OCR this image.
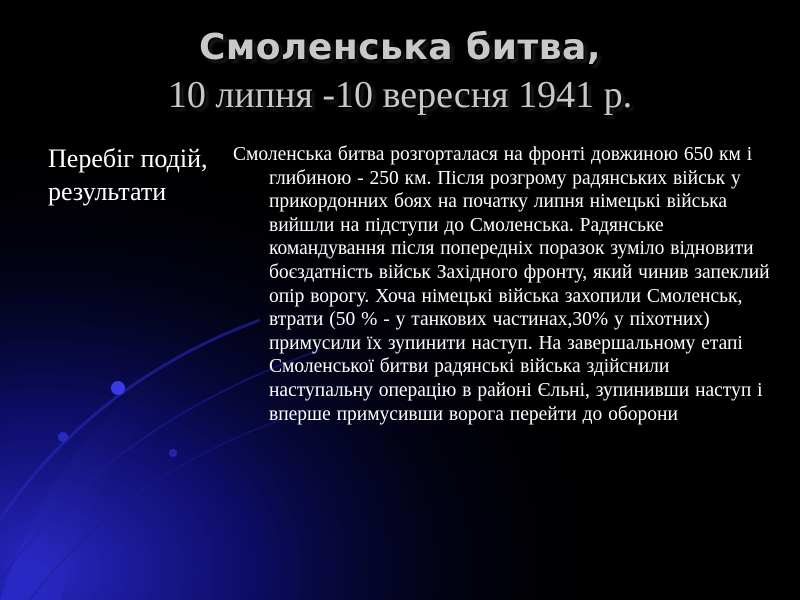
Смоленська битва,
10 липня -10 вересня 1941 р.
Перебіг подій, результати
Смоленська битва розгорталася на фронті довжиною 650 км і глибиною - 250 км. Після розгрому радянських військ у прикордонних боях на початку липня німецькі війська вийшли на підступи до Смоленська. Радянське командування після попередніх поразок зуміло відновити боєздатність військ Західного фронту, який чинив запеклий опір ворогу. Хоча німецькі війська захопили Смоленськ, втрати (50 % - у танкових частинах,30% у піхотних) примусили їх зупинити наступ. На завершальному етапі Смоленської битви радянські війська здійснили наступальну операцію в районі Єльні, зупинивши наступ і вперше примусивши ворога перейти до оборони
